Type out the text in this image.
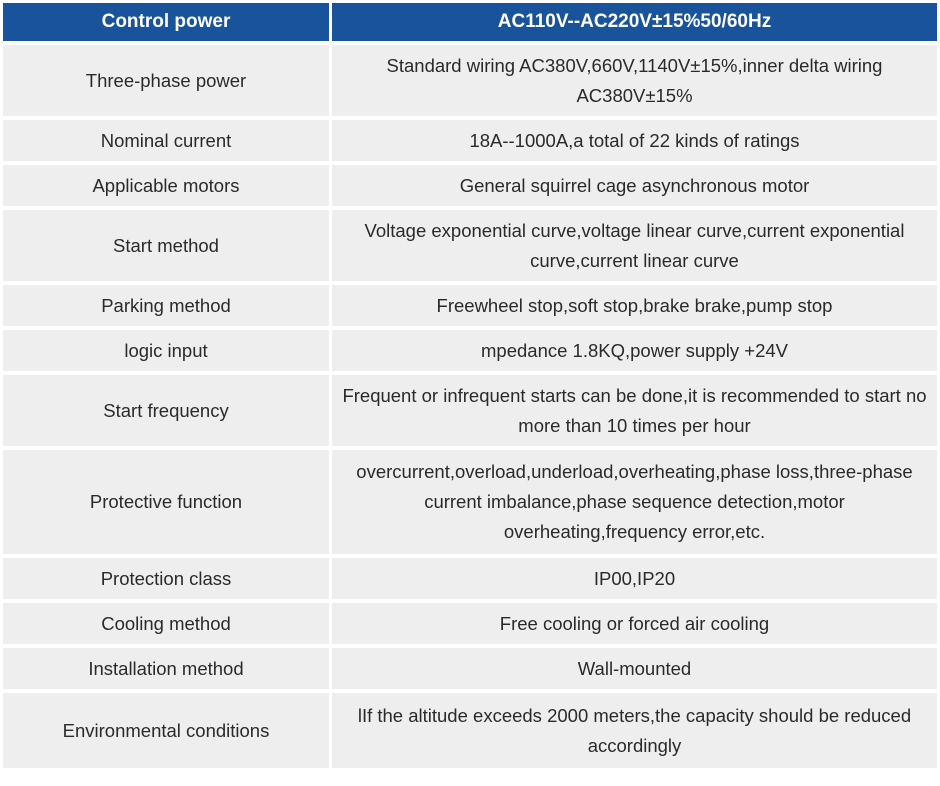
Control power	AC110V--AC220V±15%50/60Hz
Three-phase power	Standard wiring AC380V,660V,1140V±15%,inner delta wiring AC380V±15%
Nominal current	18A--1000A,a total of 22 kinds of ratings
Applicable motors	General squirrel cage asynchronous motor
Start method	Voltage exponential curve,voltage linear curve,current exponential curve,current linear curve
Parking method	Freewheel stop,soft stop,brake brake,pump stop
logic input	mpedance 1.8KQ,power supply +24V
Start frequency	Frequent or infrequent starts can be done,it is recommended to start no more than 10 times per hour
Protective function	overcurrent,overload,underload,overheating,phase loss,three-phase current imbalance,phase sequence detection,motor overheating,frequency error,etc.
Protection class	IP00,IP20
Cooling method	Free cooling or forced air cooling
Installation method	Wall-mounted
Environmental conditions	lIf the altitude exceeds 2000 meters,the capacity should be reduced accordingly
